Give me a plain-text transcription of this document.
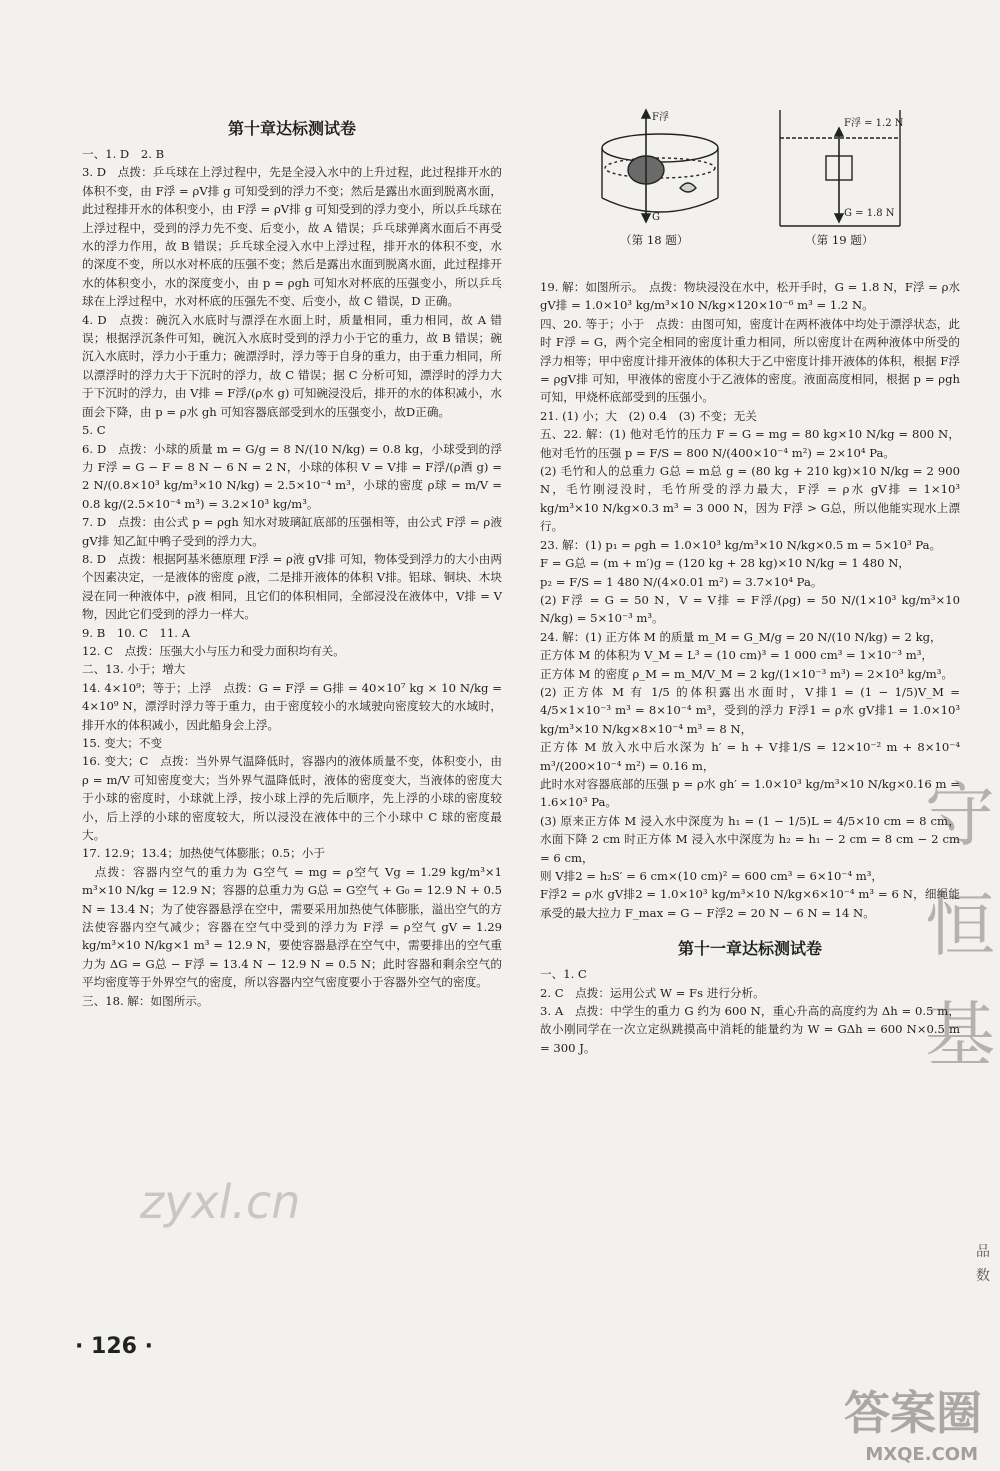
第十章达标测试卷

一、1. D　2. B

3. D　点拨：乒乓球在上浮过程中，先是全浸入水中的上升过程，此过程排开水的体积不变，由 F浮 = ρV排 g 可知受到的浮力不变；然后是露出水面到脱离水面，此过程排开水的体积变小，由 F浮 = ρV排 g 可知受到的浮力变小，所以乒乓球在上浮过程中，受到的浮力先不变、后变小，故 A 错误；乒乓球弹离水面后不再受水的浮力作用，故 B 错误；乒乓球全浸入水中上浮过程，排开水的体积不变，水的深度不变，所以水对杯底的压强不变；然后是露出水面到脱离水面，此过程排开水的体积变小，水的深度变小，由 p = ρgh 可知水对杯底的压强变小，所以乒乓球在上浮过程中，水对杯底的压强先不变、后变小，故 C 错误，D 正确。

4. D　点拨：碗沉入水底时与漂浮在水面上时，质量相同，重力相同，故 A 错误；根据浮沉条件可知，碗沉入水底时受到的浮力小于它的重力，故 B 错误；碗沉入水底时，浮力小于重力；碗漂浮时，浮力等于自身的重力，由于重力相同，所以漂浮时的浮力大于下沉时的浮力，故 C 错误；据 C 分析可知，漂浮时的浮力大于下沉时的浮力，由 V排 = F浮/(ρ水 g) 可知碗浸没后，排开的水的体积减小，水面会下降，由 p = ρ水 gh 可知容器底部受到水的压强变小，故D正确。

5. C

6. D　点拨：小球的质量 m = G/g = 8 N/(10 N/kg) = 0.8 kg，小球受到的浮力 F浮 = G − F = 8 N − 6 N = 2 N，小球的体积 V = V排 = F浮/(ρ酒 g) = 2 N/(0.8×10³ kg/m³×10 N/kg) = 2.5×10⁻⁴ m³，小球的密度 ρ球 = m/V = 0.8 kg/(2.5×10⁻⁴ m³) = 3.2×10³ kg/m³。

7. D　点拨：由公式 p = ρgh 知水对玻璃缸底部的压强相等，由公式 F浮 = ρ液 gV排 知乙缸中鸭子受到的浮力大。

8. D　点拨：根据阿基米德原理 F浮 = ρ液 gV排 可知，物体受到浮力的大小由两个因素决定，一是液体的密度 ρ液，二是排开液体的体积 V排。铝球、铜块、木块浸在同一种液体中，ρ液 相同，且它们的体积相同，全部浸没在液体中，V排 = V物，因此它们受到的浮力一样大。

9. B　10. C　11. A

12. C　点拨：压强大小与压力和受力面积均有关。

二、13. 小于；增大

14. 4×10⁹；等于；上浮　点拨：G = F浮 = G排 = 40×10⁷ kg × 10 N/kg = 4×10⁹ N，漂浮时浮力等于重力，由于密度较小的水域驶向密度较大的水域时，排开水的体积减小，因此船身会上浮。

15. 变大；不变

16. 变大；C　点拨：当外界气温降低时，容器内的液体质量不变，体积变小，由 ρ = m/V 可知密度变大；当外界气温降低时，液体的密度变大，当液体的密度大于小球的密度时，小球就上浮，按小球上浮的先后顺序，先上浮的小球的密度较小，后上浮的小球的密度较大，所以浸没在液体中的三个小球中 C 球的密度最大。

17. 12.9；13.4；加热使气体膨胀；0.5；小于

　点拨：容器内空气的重力为 G空气 = mg = ρ空气 Vg = 1.29 kg/m³×1 m³×10 N/kg = 12.9 N；容器的总重力为 G总 = G空气 + G₀ = 12.9 N + 0.5 N = 13.4 N；为了使容器悬浮在空中，需要采用加热使气体膨胀，溢出空气的方法使容器内空气减少；容器在空气中受到的浮力为 F浮 = ρ空气 gV = 1.29 kg/m³×10 N/kg×1 m³ = 12.9 N，要使容器悬浮在空气中，需要排出的空气重力为 ΔG = G总 − F浮 = 13.4 N − 12.9 N = 0.5 N；此时容器和剩余空气的平均密度等于外界空气的密度，所以容器内空气密度要小于容器外空气的密度。

三、18. 解：如图所示。

· 126 ·
F浮
G
F浮 = 1.2 N
G = 1.8 N
（第 18 题）	（第 19 题）

19. 解：如图所示。　点拨：物块浸没在水中，松开手时，G = 1.8 N，F浮 = ρ水 gV排 = 1.0×10³ kg/m³×10 N/kg×120×10⁻⁶ m³ = 1.2 N。

四、20. 等于；小于　点拨：由图可知，密度计在两杯液体中均处于漂浮状态，此时 F浮 = G，两个完全相同的密度计重力相同，所以密度计在两种液体中所受的浮力相等；甲中密度计排开液体的体积大于乙中密度计排开液体的体积，根据 F浮 = ρgV排 可知，甲液体的密度小于乙液体的密度。液面高度相同，根据 p = ρgh 可知，甲烧杯底部受到的压强小。

21. (1) 小；大　(2) 0.4　(3) 不变；无关

五、22. 解：(1) 他对毛竹的压力 F = G = mg = 80 kg×10 N/kg = 800 N，他对毛竹的压强 p = F/S = 800 N/(400×10⁻⁴ m²) = 2×10⁴ Pa。

(2) 毛竹和人的总重力 G总 = m总 g = (80 kg + 210 kg)×10 N/kg = 2 900 N，毛竹刚浸没时，毛竹所受的浮力最大，F浮 = ρ水 gV排 = 1×10³ kg/m³×10 N/kg×0.3 m³ = 3 000 N，因为 F浮 > G总，所以他能实现水上漂行。

23. 解：(1) p₁ = ρgh = 1.0×10³ kg/m³×10 N/kg×0.5 m = 5×10³ Pa。

F = G总 = (m + m′)g = (120 kg + 28 kg)×10 N/kg = 1 480 N，

p₂ = F/S = 1 480 N/(4×0.01 m²) = 3.7×10⁴ Pa。

(2) F浮 = G = 50 N，V = V排 = F浮/(ρg) = 50 N/(1×10³ kg/m³×10 N/kg) = 5×10⁻³ m³。

24. 解：(1) 正方体 M 的质量 m_M = G_M/g = 20 N/(10 N/kg) = 2 kg，

正方体 M 的体积为 V_M = L³ = (10 cm)³ = 1 000 cm³ = 1×10⁻³ m³，

正方体 M 的密度 ρ_M = m_M/V_M = 2 kg/(1×10⁻³ m³) = 2×10³ kg/m³。

(2) 正方体 M 有 1/5 的体积露出水面时，V排1 = (1 − 1/5)V_M = 4/5×1×10⁻³ m³ = 8×10⁻⁴ m³，受到的浮力 F浮1 = ρ水 gV排1 = 1.0×10³ kg/m³×10 N/kg×8×10⁻⁴ m³ = 8 N，

正方体 M 放入水中后水深为 h′ = h + V排1/S = 12×10⁻² m + 8×10⁻⁴ m³/(200×10⁻⁴ m²) = 0.16 m，

此时水对容器底部的压强 p = ρ水 gh′ = 1.0×10³ kg/m³×10 N/kg×0.16 m = 1.6×10³ Pa。

(3) 原来正方体 M 浸入水中深度为 h₁ = (1 − 1/5)L = 4/5×10 cm = 8 cm，水面下降 2 cm 时正方体 M 浸入水中深度为 h₂ = h₁ − 2 cm = 8 cm − 2 cm = 6 cm，

则 V排2 = h₂S′ = 6 cm×(10 cm)² = 600 cm³ = 6×10⁻⁴ m³，

F浮2 = ρ水 gV排2 = 1.0×10³ kg/m³×10 N/kg×6×10⁻⁴ m³ = 6 N，细绳能承受的最大拉力 F_max = G − F浮2 = 20 N − 6 N = 14 N。

第十一章达标测试卷

一、1. C

2. C　点拨：运用公式 W = Fs 进行分析。

3. A　点拨：中学生的重力 G 约为 600 N，重心升高的高度约为 Δh = 0.5 m，故小刚同学在一次立定纵跳摸高中消耗的能量约为 W = GΔh = 600 N×0.5 m = 300 J。

守恒基
zyxl.cn
答案圈
MXQE.COM
品
数
